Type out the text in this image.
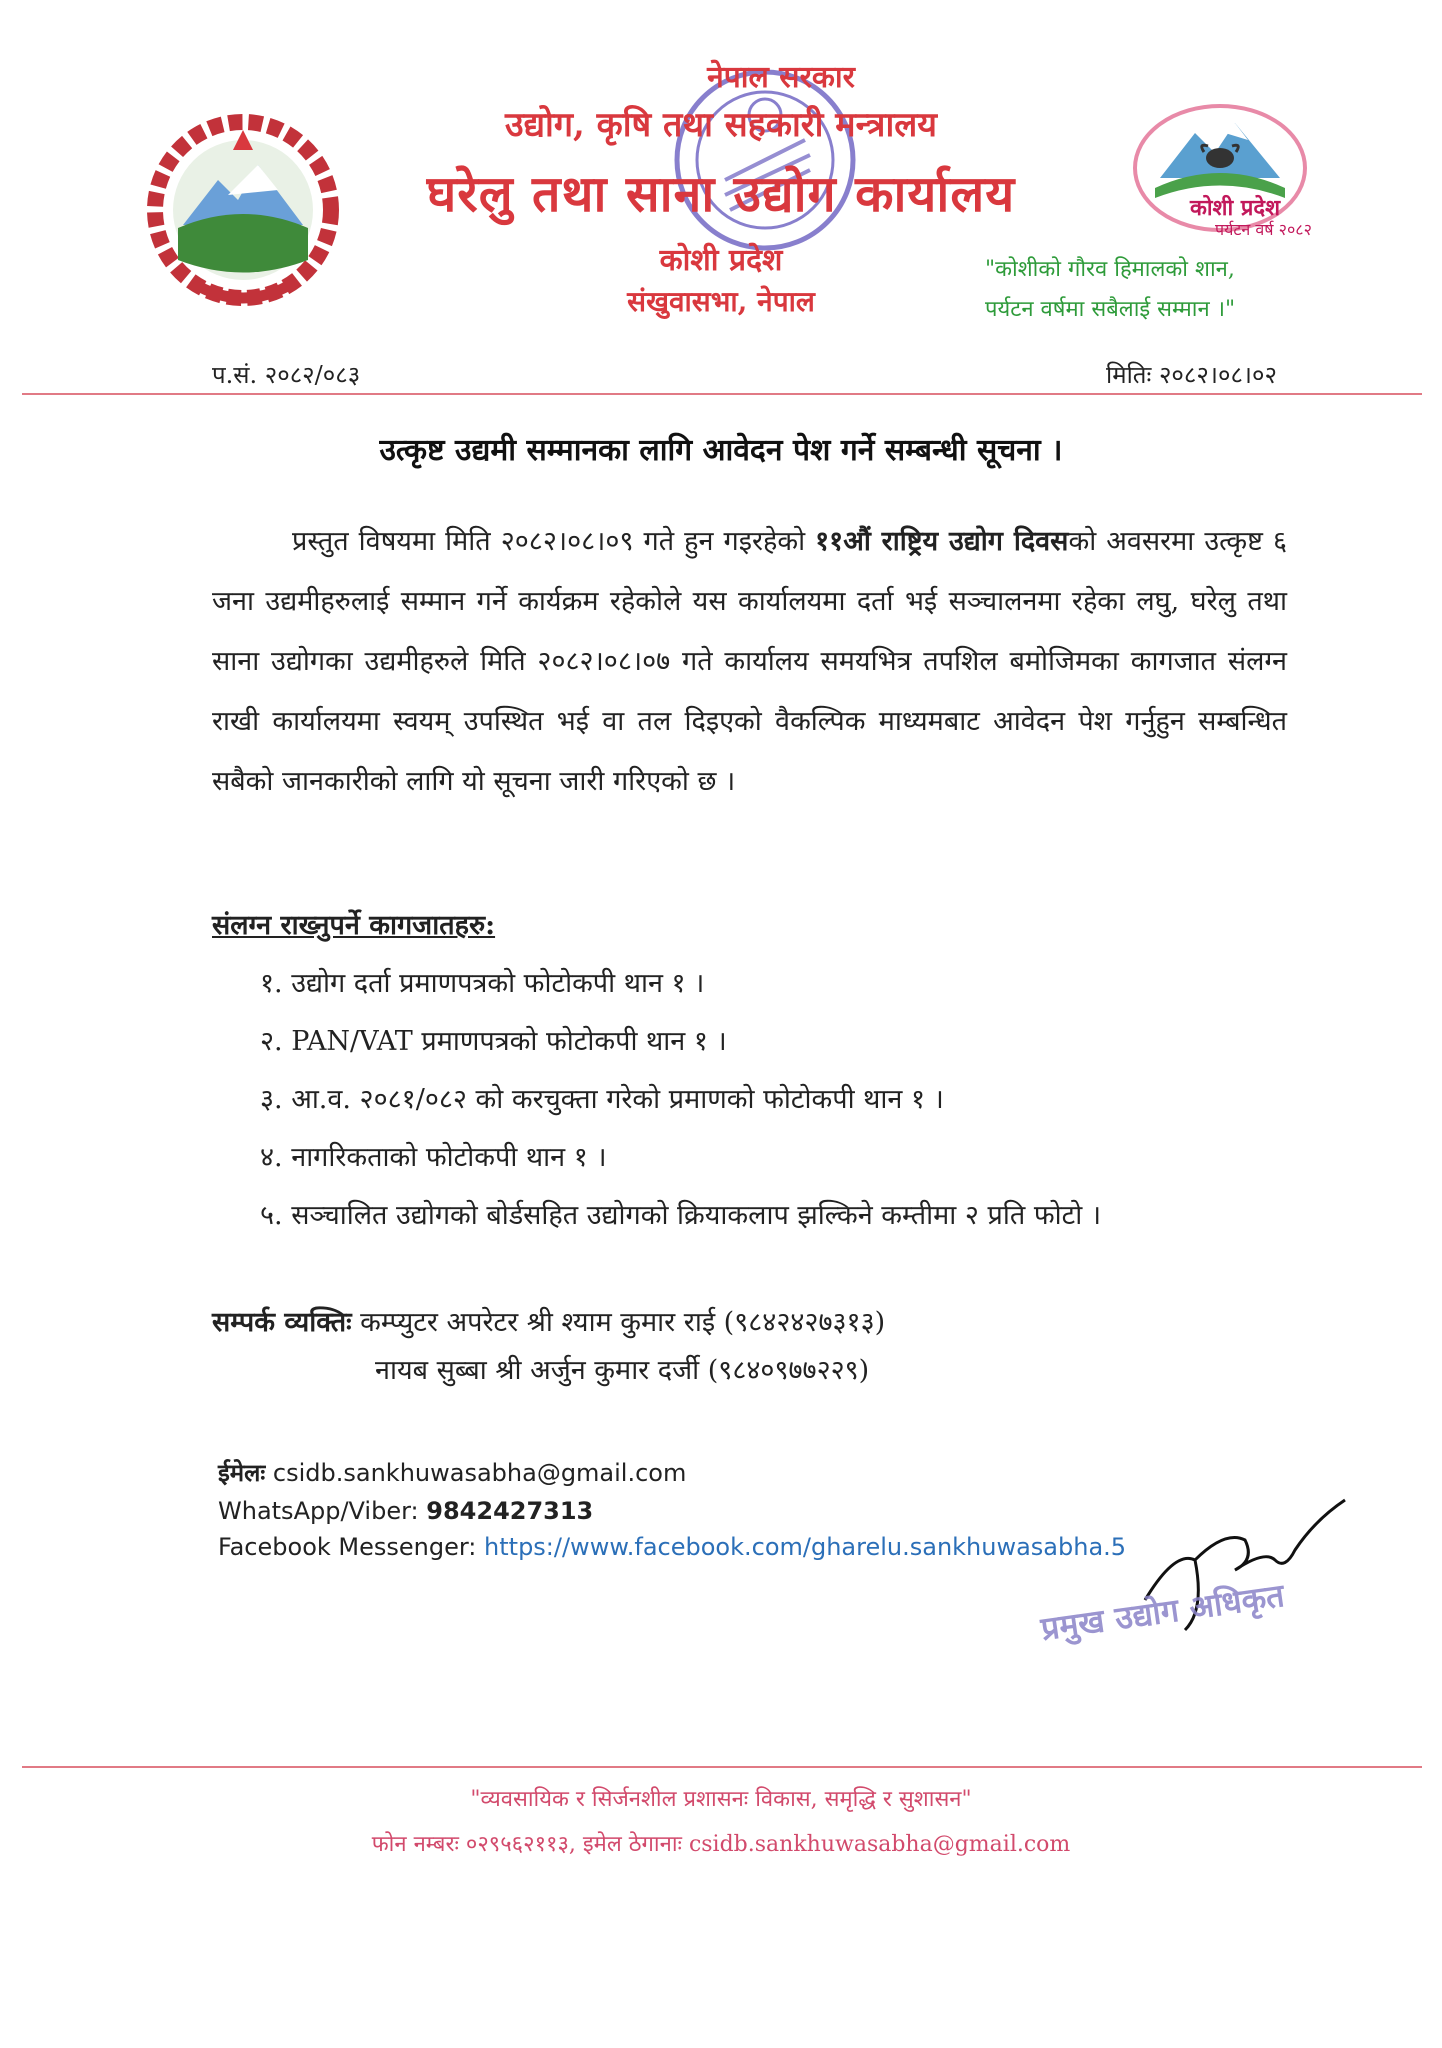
कोशी प्रदेश
पर्यटन वर्ष २०८२
नेपाल सरकार
उद्योग, कृषि तथा सहकारी मन्त्रालय
घरेलु तथा साना उद्योग कार्यालय
कोशी प्रदेश
संखुवासभा, नेपाल
"कोशीको गौरव हिमालको शान,
पर्यटन वर्षमा सबैलाई सम्मान ।"
प.सं. २०८२/०८३	मितिः २०८२।०८।०२
उत्कृष्ट उद्यमी सम्मानका लागि आवेदन पेश गर्ने सम्बन्धी सूचना ।
प्रस्तुत विषयमा मिति २०८२।०८।०९ गते हुन गइरहेको ११औं राष्ट्रिय उद्योग दिवसको अवसरमा उत्कृष्ट ६ जना उद्यमीहरुलाई सम्मान गर्ने कार्यक्रम रहेकोले यस कार्यालयमा दर्ता भई सञ्चालनमा रहेका लघु, घरेलु तथा साना उद्योगका उद्यमीहरुले मिति २०८२।०८।०७ गते कार्यालय समयभित्र तपशिल बमोजिमका कागजात संलग्न राखी कार्यालयमा स्वयम् उपस्थित भई वा तल दिइएको वैकल्पिक माध्यमबाट आवेदन पेश गर्नुहुन सम्बन्धित सबैको जानकारीको लागि यो सूचना जारी गरिएको छ ।
संलग्न राख्नुपर्ने कागजातहरु:
१. उद्योग दर्ता प्रमाणपत्रको फोटोकपी थान १ ।
२. PAN/VAT प्रमाणपत्रको फोटोकपी थान १ ।
३. आ.व. २०८१/०८२ को करचुक्ता गरेको प्रमाणको फोटोकपी थान १ ।
४. नागरिकताको फोटोकपी थान १ ।
५. सञ्चालित उद्योगको बोर्डसहित उद्योगको क्रियाकलाप झल्किने कम्तीमा २ प्रति फोटो ।
सम्पर्क व्यक्तिः कम्प्युटर अपरेटर श्री श्याम कुमार राई (९८४२४२७३१३)
नायब सुब्बा श्री अर्जुन कुमार दर्जी (९८४०९७७२२९)
ईमेलः csidb.sankhuwasabha@gmail.com
WhatsApp/Viber: 9842427313
Facebook Messenger: https://www.facebook.com/gharelu.sankhuwasabha.5
प्रमुख उद्योग अधिकृत
"व्यवसायिक र सिर्जनशील प्रशासनः विकास, समृद्धि र सुशासन"
फोन नम्बरः ०२९५६२११३, इमेल ठेगानाः csidb.sankhuwasabha@gmail.com
